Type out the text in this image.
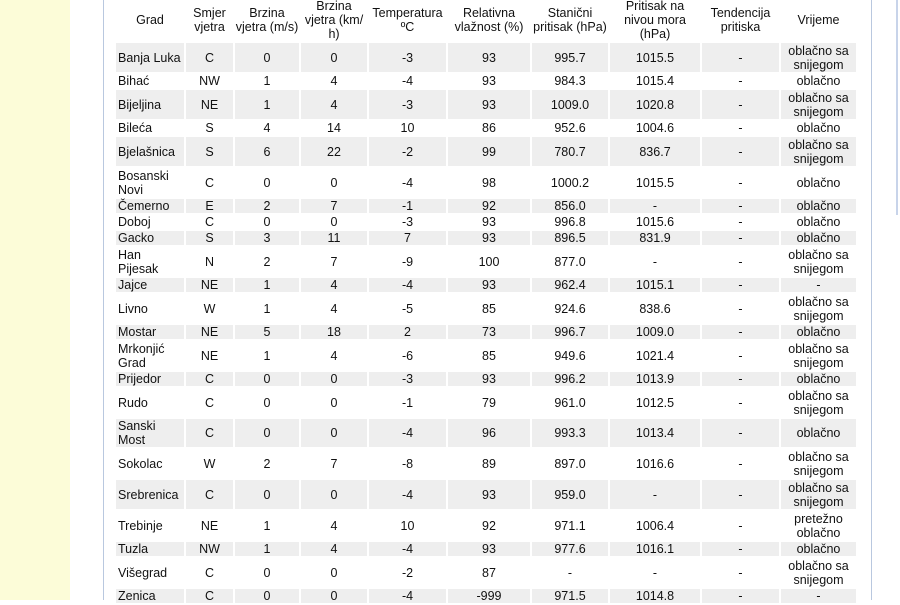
Grad	Smjer vjetra	Brzina vjetra (m/s)	Brzina vjetra (km/ h)	Temperatura ºC	Relativna vlažnost (%)	Stanični pritisak (hPa)	Pritisak na nivou mora (hPa)	Tendencija pritiska	Vrijeme
Banja Luka	C	0	0	-3	93	995.7	1015.5	-	oblačno sa snijegom
Bihać	NW	1	4	-4	93	984.3	1015.4	-	oblačno
Bijeljina	NE	1	4	-3	93	1009.0	1020.8	-	oblačno sa snijegom
Bileća	S	4	14	10	86	952.6	1004.6	-	oblačno
Bjelašnica	S	6	22	-2	99	780.7	836.7	-	oblačno sa snijegom
Bosanski Novi	C	0	0	-4	98	1000.2	1015.5	-	oblačno
Čemerno	E	2	7	-1	92	856.0	-	-	oblačno
Doboj	C	0	0	-3	93	996.8	1015.6	-	oblačno
Gacko	S	3	11	7	93	896.5	831.9	-	oblačno
Han Pijesak	N	2	7	-9	100	877.0	-	-	oblačno sa snijegom
Jajce	NE	1	4	-4	93	962.4	1015.1	-	-
Livno	W	1	4	-5	85	924.6	838.6	-	oblačno sa snijegom
Mostar	NE	5	18	2	73	996.7	1009.0	-	oblačno
Mrkonjić Grad	NE	1	4	-6	85	949.6	1021.4	-	oblačno sa snijegom
Prijedor	C	0	0	-3	93	996.2	1013.9	-	oblačno
Rudo	C	0	0	-1	79	961.0	1012.5	-	oblačno sa snijegom
Sanski Most	C	0	0	-4	96	993.3	1013.4	-	oblačno
Sokolac	W	2	7	-8	89	897.0	1016.6	-	oblačno sa snijegom
Srebrenica	C	0	0	-4	93	959.0	-	-	oblačno sa snijegom
Trebinje	NE	1	4	10	92	971.1	1006.4	-	pretežno oblačno
Tuzla	NW	1	4	-4	93	977.6	1016.1	-	oblačno
Višegrad	C	0	0	-2	87	-	-	-	oblačno sa snijegom
Zenica	C	0	0	-4	-999	971.5	1014.8	-	-
